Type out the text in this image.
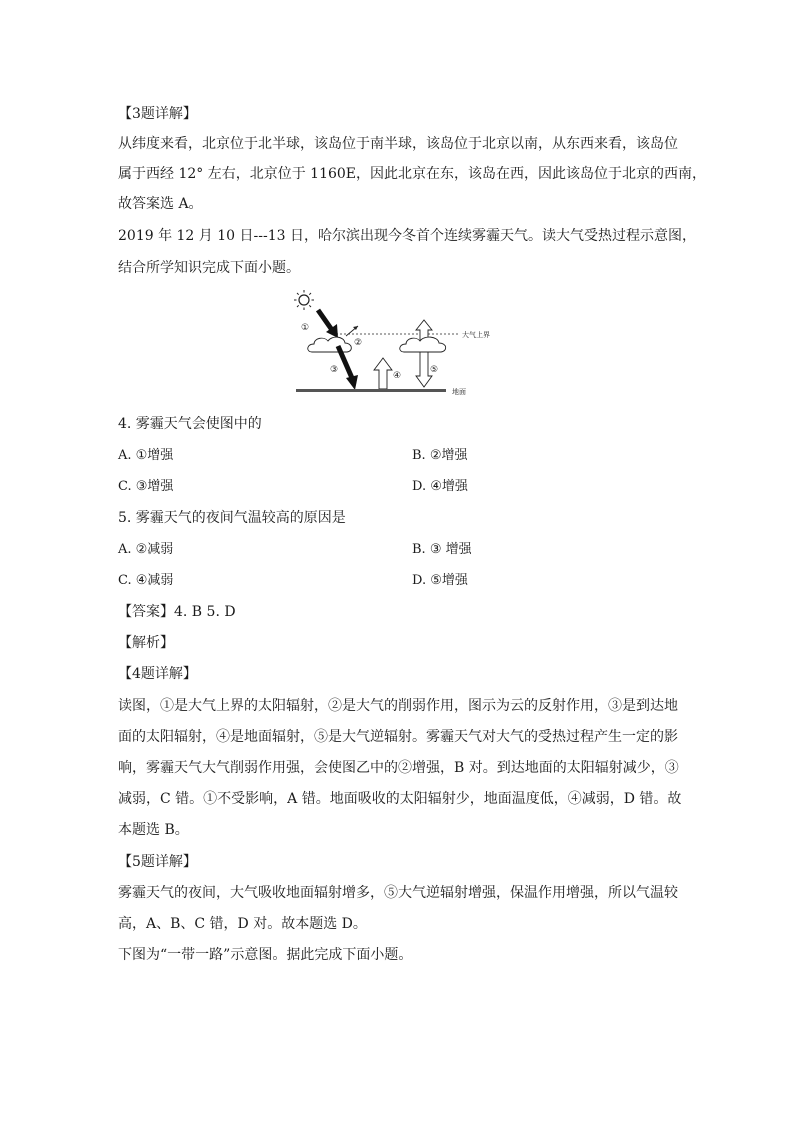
【3题详解】
从纬度来看，北京位于北半球，该岛位于南半球，该岛位于北京以南，从东西来看，该岛位
属于西经 12° 左右，北京位于 1160E，因此北京在东，该岛在西，因此该岛位于北京的西南，
故答案选 A。
2019 年 12 月 10 日---13 日，哈尔滨出现今冬首个连续雾霾天气。读大气受热过程示意图，
结合所学知识完成下面小题。
大气上界
①
②
③
④
⑤
地面
4. 雾霾天气会使图中的
A. ①增强	B. ②增强
C. ③增强	D. ④增强
5. 雾霾天气的夜间气温较高的原因是
A. ②减弱	B. ③ 增强
C. ④减弱	D. ⑤增强
【答案】4. B 5. D
【解析】
【4题详解】
读图，①是大气上界的太阳辐射，②是大气的削弱作用，图示为云的反射作用，③是到达地
面的太阳辐射，④是地面辐射，⑤是大气逆辐射。雾霾天气对大气的受热过程产生一定的影
响，雾霾天气大气削弱作用强，会使图乙中的②增强，B 对。到达地面的太阳辐射减少，③
减弱，C 错。①不受影响，A 错。地面吸收的太阳辐射少，地面温度低，④减弱，D 错。故
本题选 B。
【5题详解】
雾霾天气的夜间，大气吸收地面辐射增多，⑤大气逆辐射增强，保温作用增强，所以气温较
高，A、B、C 错，D 对。故本题选 D。
下图为“一带一路”示意图。据此完成下面小题。
